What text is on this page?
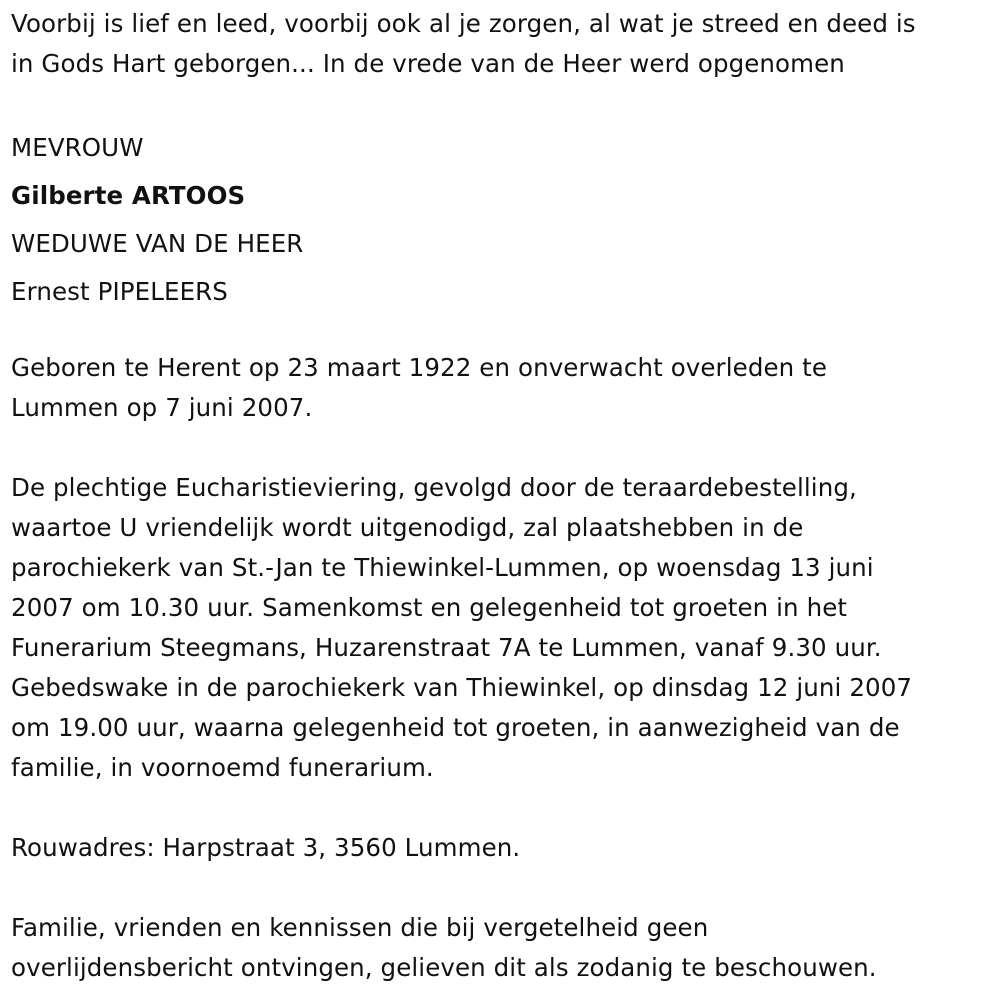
Voorbij is lief en leed, voorbij ook al je zorgen, al wat je streed en deed is
in Gods Hart geborgen... In de vrede van de Heer werd opgenomen
MEVROUW
Gilberte ARTOOS
WEDUWE VAN DE HEER
Ernest PIPELEERS
Geboren te Herent op 23 maart 1922 en onverwacht overleden te
Lummen op 7 juni 2007.
De plechtige Eucharistieviering, gevolgd door de teraardebestelling,
waartoe U vriendelijk wordt uitgenodigd, zal plaatshebben in de
parochiekerk van St.-Jan te Thiewinkel-Lummen, op woensdag 13 juni
2007 om 10.30 uur. Samenkomst en gelegenheid tot groeten in het
Funerarium Steegmans, Huzarenstraat 7A te Lummen, vanaf 9.30 uur.
Gebedswake in de parochiekerk van Thiewinkel, op dinsdag 12 juni 2007
om 19.00 uur, waarna gelegenheid tot groeten, in aanwezigheid van de
familie, in voornoemd funerarium.
Rouwadres: Harpstraat 3, 3560 Lummen.
Familie, vrienden en kennissen die bij vergetelheid geen
overlijdensbericht ontvingen, gelieven dit als zodanig te beschouwen.
